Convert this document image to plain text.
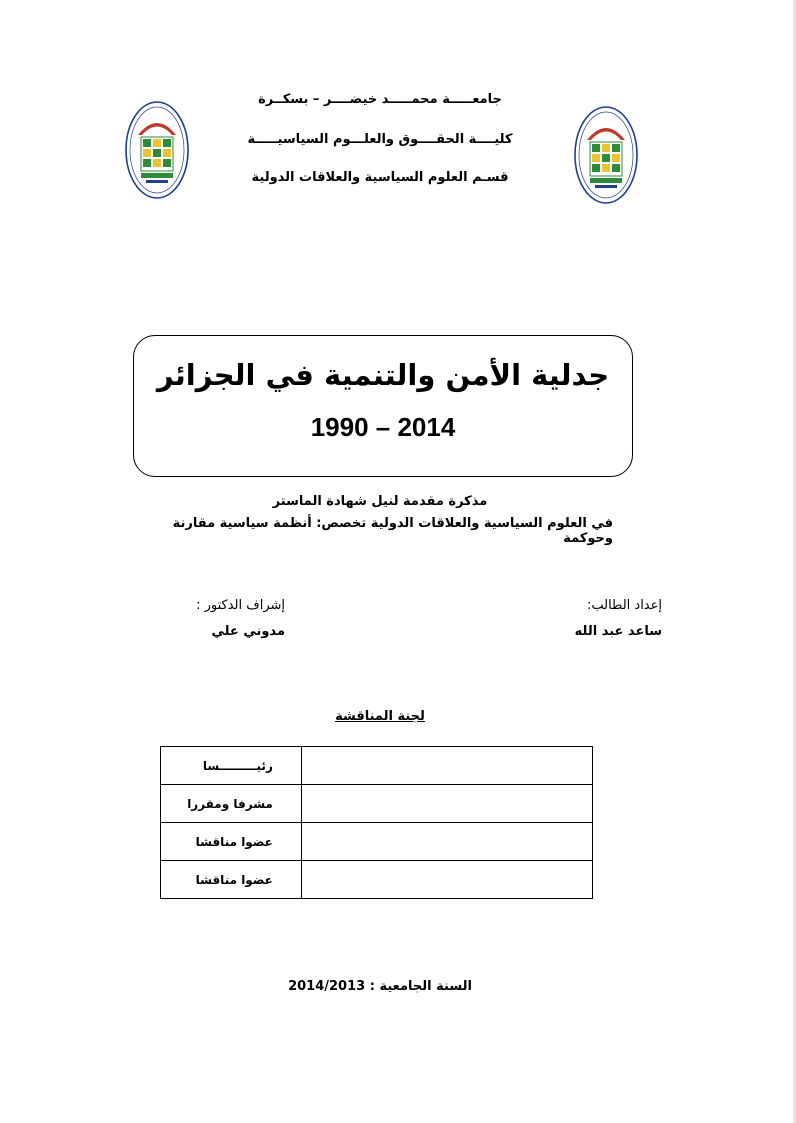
جامعـــــة محمـــــد خيضــــر – بسكــرة
كليــــة الحقــــوق والعلـــوم السياسيـــــة
قسـم العلوم السياسية والعلاقات الدولية
جدلية الأمن والتنمية في الجزائر
1990 – 2014
مذكرة مقدمة لنيل شهادة الماستر
في العلوم السياسية والعلاقات الدولية تخصص: أنظمة سياسية مقارنة وحوكمة
إعداد الطالب:
ساعد عبد الله
إشراف الدكتور :
مدوني علي
لجنة المناقشة
رئيـــــــــسا	
مشرفا ومقررا	
عضوا مناقشا	
عضوا مناقشا	
السنة الجامعية : 2014/2013
